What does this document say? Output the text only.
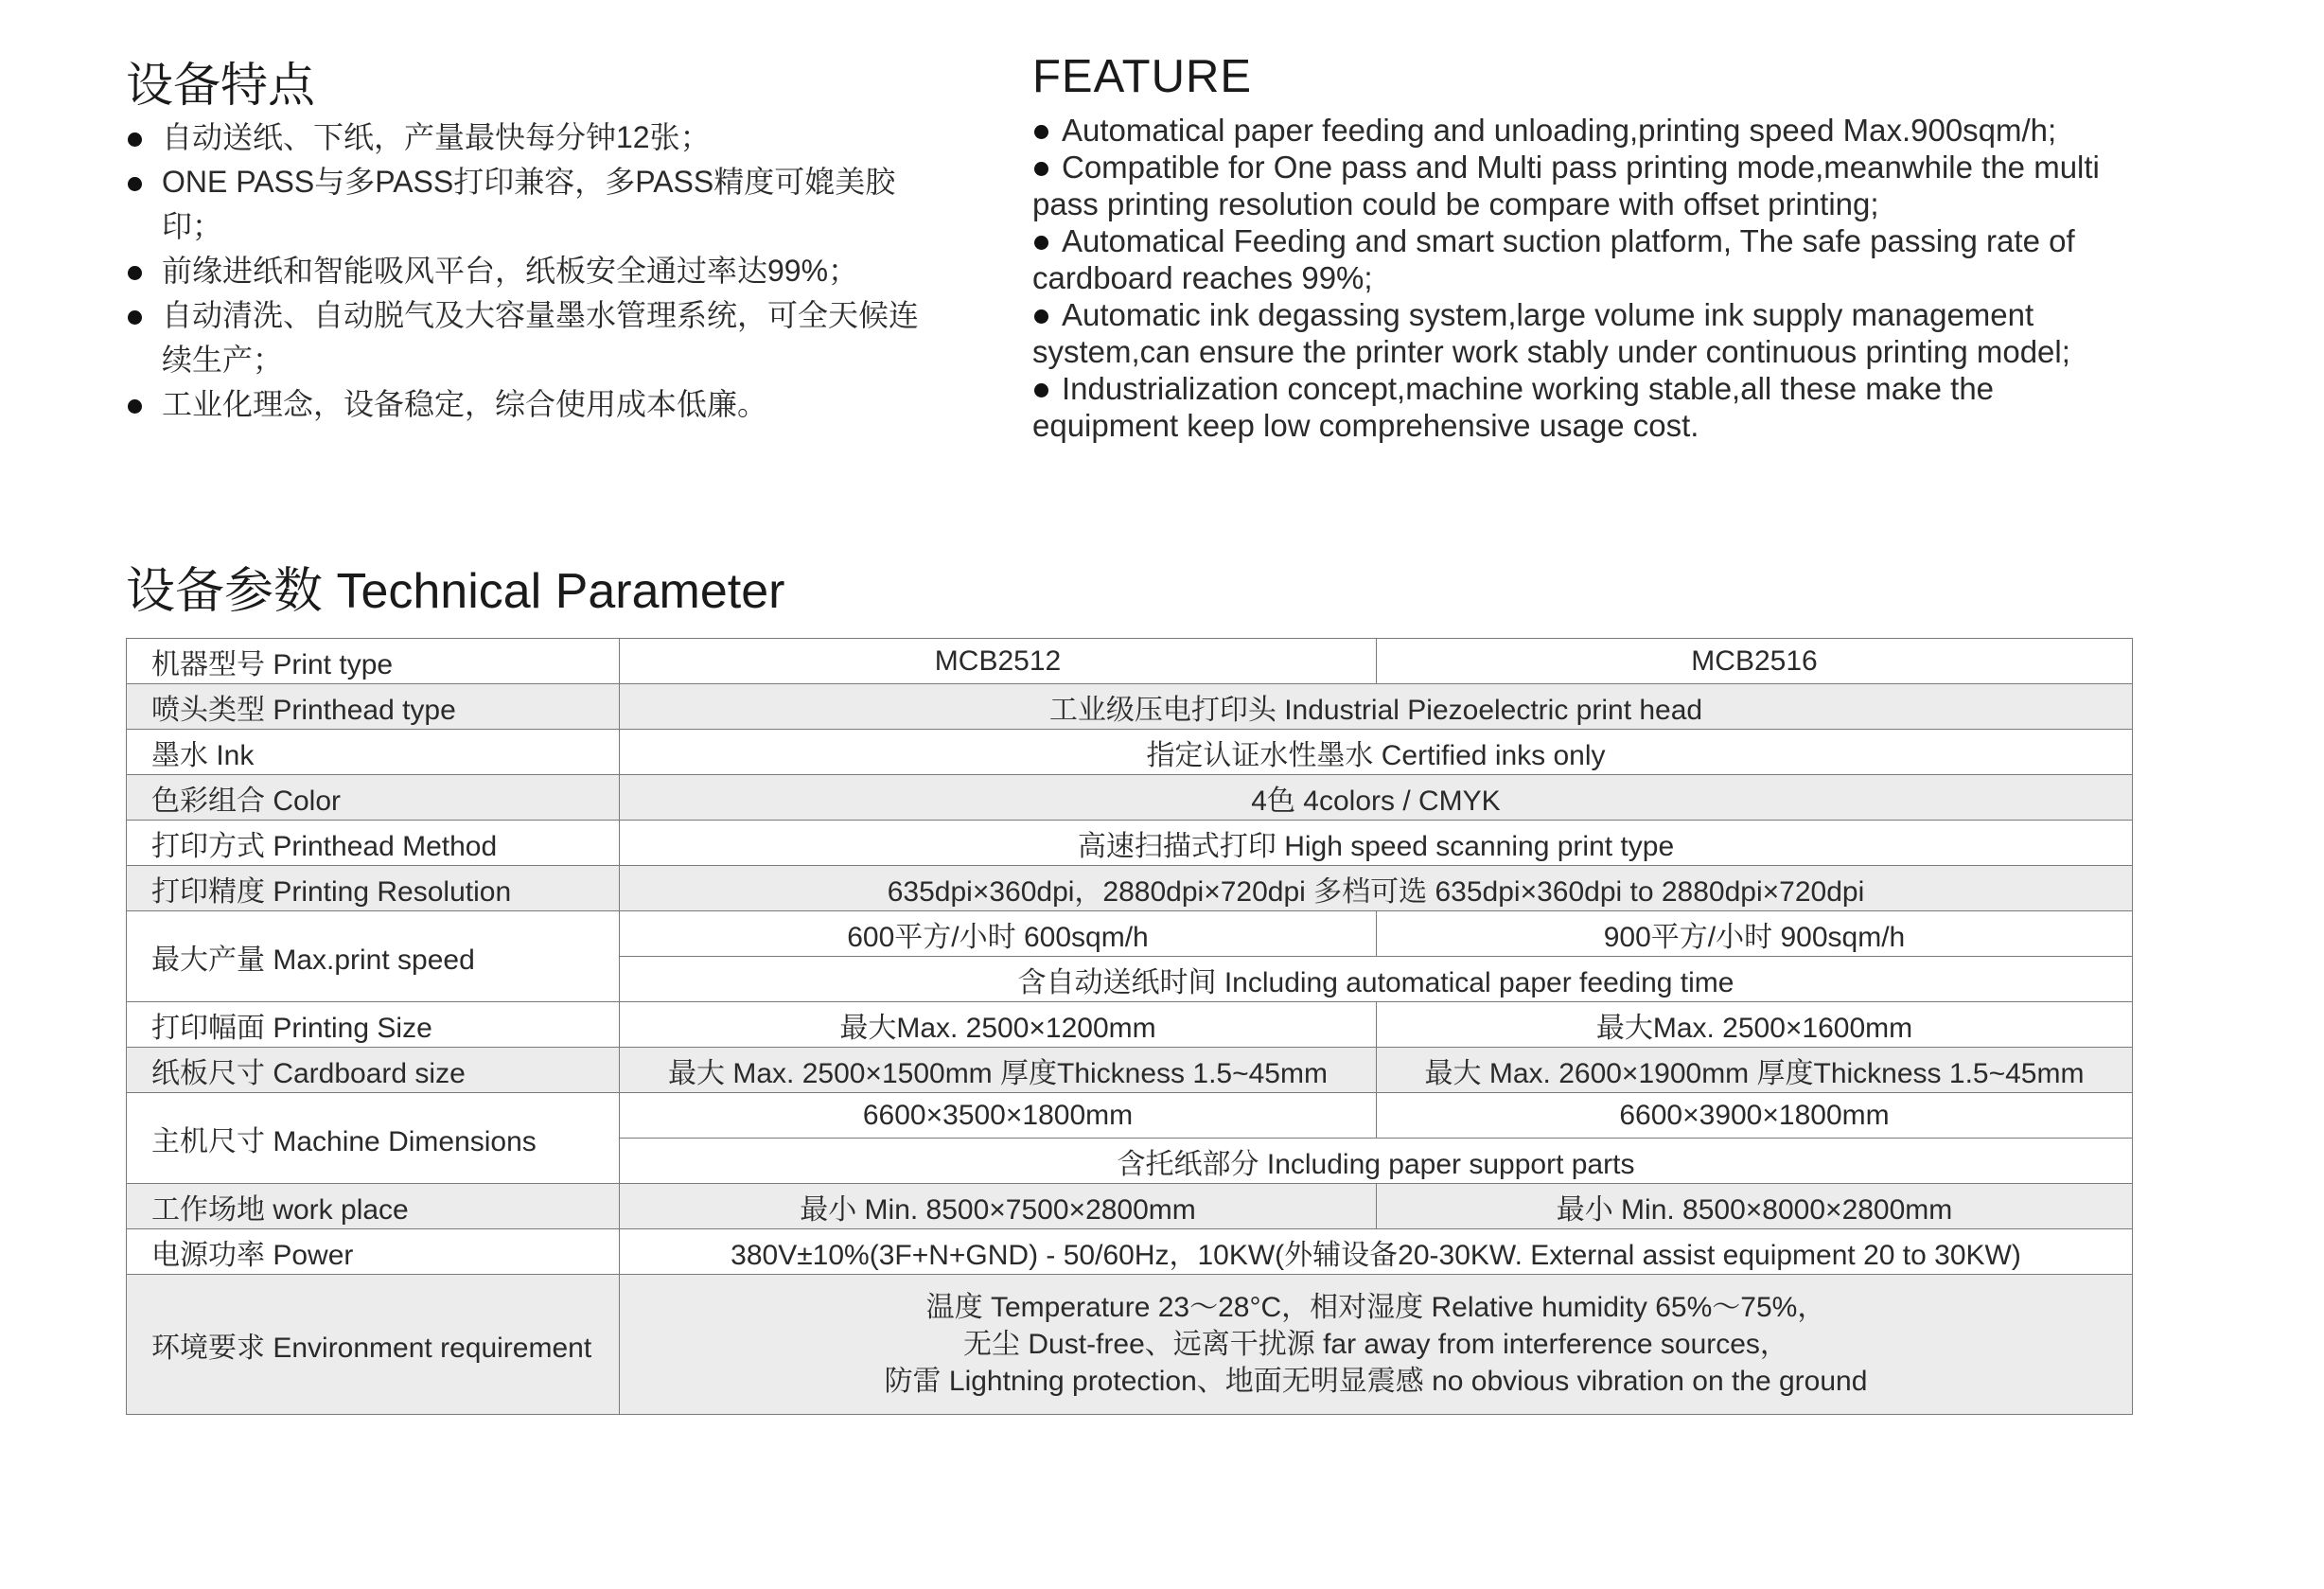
设备特点
自动送纸、下纸，产量最快每分钟12张；
ONE PASS与多PASS打印兼容，多PASS精度可媲美胶印；
前缘进纸和智能吸风平台，纸板安全通过率达99%；
自动清洗、自动脱气及大容量墨水管理系统，可全天候连续生产；
工业化理念，设备稳定，综合使用成本低廉。
FEATURE

Automatical paper feeding and unloading,printing speed Max.900sqm/h;

Compatible for One pass and Multi pass printing mode,meanwhile the multi pass printing resolution could be compare with offset printing;

Automatical Feeding and smart suction platform, The safe passing rate of cardboard reaches 99%;

Automatic ink degassing system,large volume ink supply management system,can ensure the printer work stably under continuous printing model;

Industrialization concept,machine working stable,all these make the equipment keep low comprehensive usage cost.

设备参数 Technical Parameter
机器型号 Print type	MCB2512	MCB2516
喷头类型 Printhead type	工业级压电打印头 Industrial Piezoelectric print head	
墨水 Ink	指定认证水性墨水 Certified inks only	
色彩组合 Color	4色 4colors / CMYK	
打印方式 Printhead Method	高速扫描式打印 High speed scanning print type	
打印精度 Printing Resolution	635dpi×360dpi，2880dpi×720dpi 多档可选 635dpi×360dpi to 2880dpi×720dpi	
最大产量 Max.print speed	600平方/小时 600sqm/h	900平方/小时 900sqm/h
	含自动送纸时间 Including automatical paper feeding time	
打印幅面 Printing Size	最大Max. 2500×1200mm	最大Max. 2500×1600mm
纸板尺寸 Cardboard size	最大 Max. 2500×1500mm 厚度Thickness 1.5~45mm	最大 Max. 2600×1900mm 厚度Thickness 1.5~45mm
主机尺寸 Machine Dimensions	6600×3500×1800mm	6600×3900×1800mm
	含托纸部分 Including paper support parts	
工作场地 work place	最小 Min. 8500×7500×2800mm	最小 Min. 8500×8000×2800mm
电源功率 Power	380V±10%(3F+N+GND) - 50/60Hz，10KW(外辅设备20-30KW. External assist equipment 20 to 30KW)	
环境要求 Environment requirement	温度 Temperature 23～28°C，相对湿度 Relative humidity 65%～75%，
无尘 Dust-free、远离干扰源 far away from interference sources，
防雷 Lightning protection、地面无明显震感 no obvious vibration on the ground	
